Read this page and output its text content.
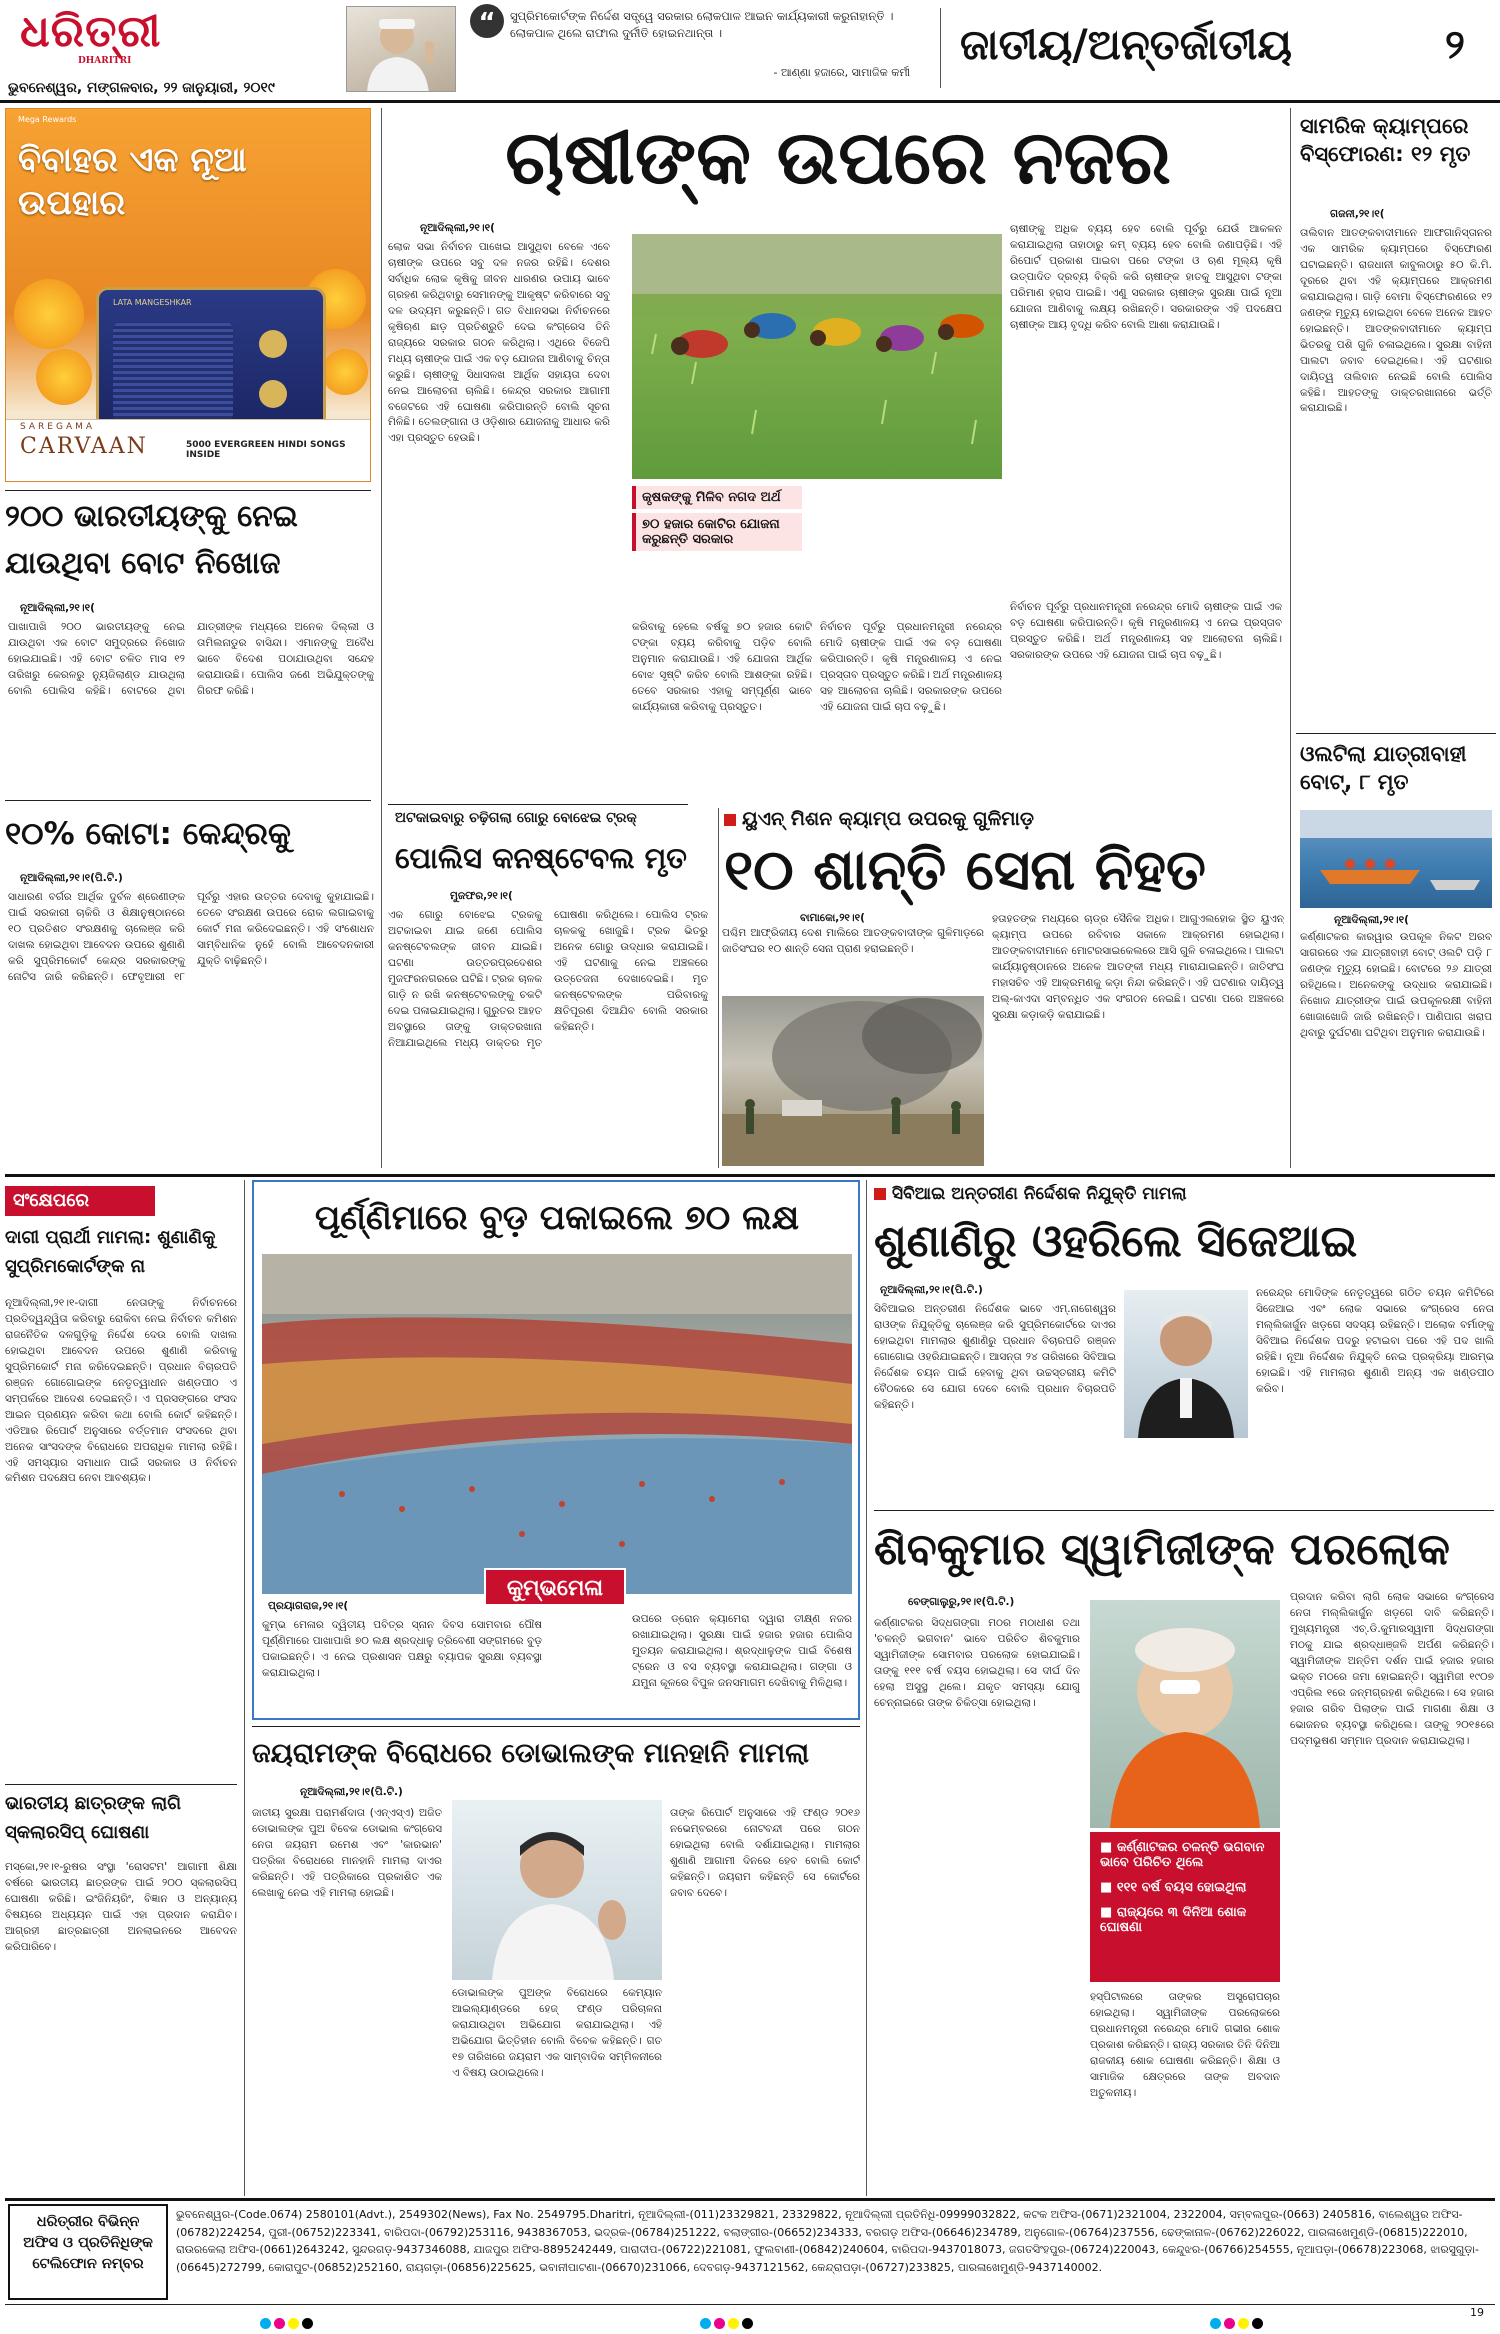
ଧରିତ୍ରୀ
DHARITRI
ଭୁବନେଶ୍ୱର, ମଙ୍ଗଳବାର, ୨୨ ଜାନୁୟାରୀ, ୨୦୧୯
“	ସୁପ୍ରିମକୋର୍ଟଙ୍କ ନିର୍ଦ୍ଦେଶ ସତ୍ତ୍ୱେ ସରକାର ଲୋକପାଳ ଆଇନ କାର୍ଯ୍ୟକାରୀ କରୁନାହାନ୍ତି । ଲୋକପାଳ ଥିଲେ ରାଫାଲ ଦୁର୍ନୀତି ହୋଇନଥାନ୍ତା ।
- ଆଣ୍ଣା ହଜାରେ, ସାମାଜିକ କର୍ମୀ
ଜାତୀୟ/ଅନ୍ତର୍ଜାତୀୟ	୨
Mega Rewards
ବିବାହର ଏକ ନୂଆ ଉପହାର
LATA MANGESHKAR
SAREGAMA
CARVAAN	5000 EVERGREEN HINDI SONGS INSIDE
ଚାଷୀଙ୍କ ଉପରେ ନଜର
ନୂଆଦିଲ୍ଲୀ,୨୧।୧(
ଲୋକ ସଭା ନିର୍ବାଚନ ପାଖେଇ ଆସୁଥିବା ବେଳେ ଏବେ ଚାଷୀଙ୍କ ଉପରେ ସବୁ ଦଳ ନଜର ରହିଛି। ଦେଶର ସର୍ବାଧିକ ଲୋକ କୃଷିକୁ ଜୀବନ ଧାରଣର ଉପାୟ ଭାବେ ଗ୍ରହଣ କରିଥିବାରୁ ସେମାନଙ୍କୁ ଆକୃଷ୍ଟ କରିବାରେ ସବୁ ଦଳ ଉଦ୍ୟମ କରୁଛନ୍ତି। ଗତ ବିଧାନସଭା ନିର୍ବାଚନରେ କୃଷିଋଣ ଛାଡ଼ ପ୍ରତିଶ୍ରୁତି ଦେଇ କଂଗ୍ରେସ ତିନି ରାଜ୍ୟରେ ସରକାର ଗଠନ କରିଥିଲା। ଏଥିରେ ବିଜେପି ମଧ୍ୟ ଚାଷୀଙ୍କ ପାଇଁ ଏକ ବଡ଼ ଯୋଜନା ଆଣିବାକୁ ଚିନ୍ତା କରୁଛି। ଚାଷୀଙ୍କୁ ସିଧାସଳଖ ଆର୍ଥିକ ସହାୟତା ଦେବା ନେଇ ଆଲୋଚନା ଚାଲିଛି। କେନ୍ଦ୍ର ସରକାର ଆଗାମୀ ବଜେଟରେ ଏହି ଘୋଷଣା କରିପାରନ୍ତି ବୋଲି ସୂଚନା ମିଳିଛି। ତେଲଙ୍ଗାନା ଓ ଓଡ଼ିଶାର ଯୋଜନାକୁ ଆଧାର କରି ଏହା ପ୍ରସ୍ତୁତ ହେଉଛି।
କୃଷକଙ୍କୁ ମିଳିବ ନଗଦ ଅର୍ଥ
୭୦ ହଜାର କୋଟିର ଯୋଜନା କରୁଛନ୍ତି ସରକାର
ଚାଷୀଙ୍କୁ ଅଧିକ ବ୍ୟୟ ହେବ ବୋଲି ପୂର୍ବରୁ ଯେଉଁ ଆକଳନ କରାଯାଇଥିଲା ତାହାଠାରୁ କମ୍ ବ୍ୟୟ ହେବ ବୋଲି ଜଣାପଡ଼ିଛି। ଏହି ରିପୋର୍ଟ ପ୍ରକାଶ ପାଇବା ପରେ ଟଙ୍କା ଓ ଋଣ ମୂଲ୍ୟ କୃଷି ଉତ୍ପାଦିତ ଦ୍ରବ୍ୟ ବିକ୍ରି କରି ଚାଷୀଙ୍କ ହାତକୁ ଆସୁଥିବା ଟଙ୍କା ପରିମାଣ ହ୍ରାସ ପାଇଛି। ଏଣୁ ସରକାର ଚାଷୀଙ୍କ ସୁରକ୍ଷା ପାଇଁ ନୂଆ ଯୋଜନା ଆଣିବାକୁ ଲକ୍ଷ୍ୟ ରଖିଛନ୍ତି। ସରକାରଙ୍କ ଏହି ପଦକ୍ଷେପ ଚାଷୀଙ୍କ ଆୟ ବୃଦ୍ଧି କରିବ ବୋଲି ଆଶା କରାଯାଉଛି।
କରିବାକୁ ହେଲେ ବର୍ଷକୁ ୭୦ ହଜାର କୋଟି ଟଙ୍କା ବ୍ୟୟ କରିବାକୁ ପଡ଼ିବ ବୋଲି ଅନୁମାନ କରାଯାଉଛି। ଏହି ଯୋଜନା ଆର୍ଥିକ ବୋଝ ସୃଷ୍ଟି କରିବ ବୋଲି ଆଶଙ୍କା ରହିଛି। ତେବେ ସରକାର ଏହାକୁ ସମ୍ପୂର୍ଣ୍ଣ ଭାବେ କାର୍ଯ୍ୟକାରୀ କରିବାକୁ ପ୍ରସ୍ତୁତ।
ନିର୍ବାଚନ ପୂର୍ବରୁ ପ୍ରଧାନମନ୍ତ୍ରୀ ନରେନ୍ଦ୍ର ମୋଦି ଚାଷୀଙ୍କ ପାଇଁ ଏକ ବଡ଼ ଘୋଷଣା କରିପାରନ୍ତି। କୃଷି ମନ୍ତ୍ରଣାଳୟ ଏ ନେଇ ପ୍ରସ୍ତାବ ପ୍ରସ୍ତୁତ କରିଛି। ଅର୍ଥ ମନ୍ତ୍ରଣାଳୟ ସହ ଆଲୋଚନା ଚାଲିଛି। ସରକାରଙ୍କ ଉପରେ ଏହି ଯୋଜନା ପାଇଁ ଚାପ ବଢ଼ୁଛି।
ନିର୍ବାଚନ ପୂର୍ବରୁ ପ୍ରଧାନମନ୍ତ୍ରୀ ନରେନ୍ଦ୍ର ମୋଦି ଚାଷୀଙ୍କ ପାଇଁ ଏକ ବଡ଼ ଘୋଷଣା କରିପାରନ୍ତି। କୃଷି ମନ୍ତ୍ରଣାଳୟ ଏ ନେଇ ପ୍ରସ୍ତାବ ପ୍ରସ୍ତୁତ କରିଛି। ଅର୍ଥ ମନ୍ତ୍ରଣାଳୟ ସହ ଆଲୋଚନା ଚାଲିଛି। ସରକାରଙ୍କ ଉପରେ ଏହି ଯୋଜନା ପାଇଁ ଚାପ ବଢ଼ୁଛି।
ସାମରିକ କ୍ୟାମ୍ପରେ ବିସ୍ଫୋରଣ: ୧୨ ମୃତ
ଗଜନୀ,୨୧।୧(
ତାଲିବାନ ଆତଙ୍କବାଦୀମାନେ ଆଫଗାନିସ୍ତାନର ଏକ ସାମରିକ କ୍ୟାମ୍ପରେ ବିସ୍ଫୋରଣ ଘଟାଇଛନ୍ତି। ରାଜଧାନୀ କାବୁଲଠାରୁ ୫୦ କି.ମି. ଦୂରରେ ଥିବା ଏହି କ୍ୟାମ୍ପରେ ଆକ୍ରମଣ କରାଯାଇଥିଲା। ଗାଡ଼ି ବୋମା ବିସ୍ଫୋରଣରେ ୧୨ ଜଣଙ୍କ ମୃତ୍ୟୁ ହୋଇଥିବା ବେଳେ ଅନେକ ଆହତ ହୋଇଛନ୍ତି। ଆତଙ୍କବାଦୀମାନେ କ୍ୟାମ୍ପ ଭିତରକୁ ପଶି ଗୁଳି ଚଳାଇଥିଲେ। ସୁରକ୍ଷା ବାହିନୀ ପାଲଟା ଜବାବ ଦେଇଥିଲେ। ଏହି ଘଟଣାର ଦାୟିତ୍ୱ ତାଲିବାନ ନେଇଛି ବୋଲି ପୋଲିସ କହିଛି। ଆହତଙ୍କୁ ଡାକ୍ତରଖାନାରେ ଭର୍ତ୍ତି କରାଯାଇଛି।
ଓଲଟିଲା ଯାତ୍ରୀବାହୀ ବୋଟ୍, ୮ ମୃତ
ନୂଆଦିଲ୍ଲୀ,୨୧।୧(
କର୍ଣ୍ଣାଟକର କାରୱାର ଉପକୂଳ ନିକଟ ଅରବ ସାଗରରେ ଏକ ଯାତ୍ରୀବାହୀ ବୋଟ୍ ଓଲଟି ପଡ଼ି ୮ ଜଣଙ୍କ ମୃତ୍ୟୁ ହୋଇଛି। ବୋଟରେ ୨୬ ଯାତ୍ରୀ ରହିଥିଲେ। ଅନେକଙ୍କୁ ଉଦ୍ଧାର କରାଯାଇଛି। ନିଖୋଜ ଯାତ୍ରୀଙ୍କ ପାଇଁ ଉପକୂଳରକ୍ଷୀ ବାହିନୀ ଖୋଜାଖୋଜି ଜାରି ରଖିଛନ୍ତି। ପାଣିପାଗ ଖରାପ ଥିବାରୁ ଦୁର୍ଘଟଣା ଘଟିଥିବା ଅନୁମାନ କରାଯାଉଛି।
୨୦୦ ଭାରତୀୟଙ୍କୁ ନେଇ ଯାଉଥିବା ବୋଟ ନିଖୋଜ
ନୂଆଦିଲ୍ଲୀ,୨୧।୧(
ପାଖାପାଖି ୨୦୦ ଭାରତୀୟଙ୍କୁ ନେଇ ଯାଉଥିବା ଏକ ବୋଟ ସମୁଦ୍ରରେ ନିଖୋଜ ହୋଇଯାଇଛି। ଏହି ବୋଟ ଚଳିତ ମାସ ୧୨ ତାରିଖରୁ କେରଳରୁ ନ୍ୟୁଜିଲାଣ୍ଡ ଯାଉଥିଲା ବୋଲି ପୋଲିସ କହିଛି। ବୋଟରେ ଥିବା ଯାତ୍ରୀଙ୍କ ମଧ୍ୟରେ ଅନେକ ଦିଲ୍ଲୀ ଓ ତାମିଲନାଡୁର ବାସିନ୍ଦା। ଏମାନଙ୍କୁ ଅବୈଧ ଭାବେ ବିଦେଶ ପଠାଯାଉଥିବା ସନ୍ଦେହ କରାଯାଉଛି। ପୋଲିସ ଜଣେ ଅଭିଯୁକ୍ତଙ୍କୁ ଗିରଫ କରିଛି।
୧୦% କୋଟା: କେନ୍ଦ୍ରକୁ
ନୂଆଦିଲ୍ଲୀ,୨୧।୧(ପି.ଟି.)
ସାଧାରଣ ବର୍ଗର ଆର୍ଥିକ ଦୁର୍ବଳ ଶ୍ରେଣୀଙ୍କ ପାଇଁ ସରକାରୀ ଚାକିରି ଓ ଶିକ୍ଷାନୁଷ୍ଠାନରେ ୧୦ ପ୍ରତିଶତ ସଂରକ୍ଷଣକୁ ଚାଲେଞ୍ଜ କରି ଦାଖଲ ହୋଇଥିବା ଆବେଦନ ଉପରେ ଶୁଣାଣି କରି ସୁପ୍ରିମକୋର୍ଟ କେନ୍ଦ୍ର ସରକାରଙ୍କୁ ନୋଟିସ ଜାରି କରିଛନ୍ତି। ଫେବୃଆରୀ ୧୮ ପୂର୍ବରୁ ଏହାର ଉତ୍ତର ଦେବାକୁ କୁହାଯାଇଛି। ତେବେ ସଂରକ୍ଷଣ ଉପରେ ରୋକ ଲଗାଇବାକୁ କୋର୍ଟ ମନା କରିଦେଇଛନ୍ତି। ଏହି ସଂଶୋଧନ ସାମ୍ବିଧାନିକ ନୁହେଁ ବୋଲି ଆବେଦନକାରୀ ଯୁକ୍ତି ବାଢ଼ିଛନ୍ତି।
ଅଟକାଇବାରୁ ଚଢ଼ିଗଲା ଗୋରୁ ବୋଝେଇ ଟ୍ରକ୍
ପୋଲିସ କନଷ୍ଟେବଲ ମୃତ
ମୁଜଫର,୨୧।୧(
ଏକ ଗୋରୁ ବୋଝେଇ ଟ୍ରକକୁ ଅଟକାଇବା ଯାଇ ଜଣେ ପୋଲିସ କନଷ୍ଟେବଲଙ୍କ ଜୀବନ ଯାଇଛି। ଘଟଣା ଉତ୍ତରପ୍ରଦେଶର ମୁଜଫରନଗରରେ ଘଟିଛି। ଟ୍ରକ ଚାଳକ ଗାଡ଼ି ନ ରଖି କନଷ୍ଟେବଲଙ୍କୁ ଚକଟି ଦେଇ ପଳାଇଯାଇଥିଲା। ଗୁରୁତର ଆହତ ଅବସ୍ଥାରେ ତାଙ୍କୁ ଡାକ୍ତରଖାନା ନିଆଯାଇଥିଲେ ମଧ୍ୟ ଡାକ୍ତର ମୃତ ଘୋଷଣା କରିଥିଲେ। ପୋଲିସ ଟ୍ରକ ଚାଳକକୁ ଖୋଜୁଛି। ଟ୍ରକ ଭିତରୁ ଅନେକ ଗୋରୁ ଉଦ୍ଧାର କରାଯାଇଛି। ଏହି ଘଟଣାକୁ ନେଇ ଅଞ୍ଚଳରେ ଉତ୍ତେଜନା ଦେଖାଦେଇଛି। ମୃତ କନଷ୍ଟେବଲଙ୍କ ପରିବାରକୁ କ୍ଷତିପୂରଣ ଦିଆଯିବ ବୋଲି ସରକାର କହିଛନ୍ତି।
ୟୁଏନ୍ ମିଶନ କ୍ୟାମ୍ପ ଉପରକୁ ଗୁଳିମାଡ଼
୧୦ ଶାନ୍ତି ସେନା ନିହତ
ବାମାକୋ,୨୧।୧(
ପଶ୍ଚିମ ଆଫ୍ରିକୀୟ ଦେଶ ମାଲିରେ ଆତଙ୍କବାଦୀଙ୍କ ଗୁଳିମାଡ଼ରେ ଜାତିସଂଘର ୧୦ ଶାନ୍ତି ସେନା ପ୍ରାଣ ହରାଇଛନ୍ତି।
ହତାହତଙ୍କ ମଧ୍ୟରେ ଚାଡ୍‌ର ସୈନିକ ଅଧିକ। ଆଗୁଏଲହୋକ ସ୍ଥିତ ୟୁଏନ୍ କ୍ୟାମ୍ପ ଉପରେ ରବିବାର ସକାଳେ ଆକ୍ରମଣ ହୋଇଥିଲା। ଆତଙ୍କବାଦୀମାନେ ମୋଟରସାଇକେଲରେ ଆସି ଗୁଳି ଚଳାଇଥିଲେ। ପାଲଟା କାର୍ଯ୍ୟାନୁଷ୍ଠାନରେ ଅନେକ ଆତଙ୍କୀ ମଧ୍ୟ ମାରାଯାଇଛନ୍ତି। ଜାତିସଂଘ ମହାସଚିବ ଏହି ଆକ୍ରମଣକୁ କଡ଼ା ନିନ୍ଦା କରିଛନ୍ତି। ଏହି ଘଟଣାର ଦାୟିତ୍ୱ ଅଲ୍‌-କାଏଦା ସମ୍ବନ୍ଧିତ ଏକ ସଂଗଠନ ନେଇଛି। ଘଟଣା ପରେ ଅଞ୍ଚଳରେ ସୁରକ୍ଷା କଡ଼ାକଡ଼ି କରାଯାଇଛି।
ସଂକ୍ଷେପରେ
ଦାଗୀ ପ୍ରାର୍ଥୀ ମାମଲା: ଶୁଣାଣିକୁ ସୁପ୍ରିମକୋର୍ଟଙ୍କ ନା
ନୂଆଦିଲ୍ଲୀ,୨୧।୧-ଦାଗୀ ନେତାଙ୍କୁ ନିର୍ବାଚନରେ ପ୍ରତିଦ୍ୱନ୍ଦ୍ୱିତା କରିବାରୁ ରୋକିବା ନେଇ ନିର୍ବାଚନ କମିଶନ ରାଜନୈତିକ ଦଳଗୁଡ଼ିକୁ ନିର୍ଦ୍ଦେଶ ଦେଉ ବୋଲି ଦାଖଲ ହୋଇଥିବା ଆବେଦନ ଉପରେ ଶୁଣାଣି କରିବାକୁ ସୁପ୍ରିମକୋର୍ଟ ମନା କରିଦେଇଛନ୍ତି। ପ୍ରଧାନ ବିଚାରପତି ରଞ୍ଜନ ଗୋଗୋଇଙ୍କ ନେତୃତ୍ୱାଧୀନ ଖଣ୍ଡପୀଠ ଏ ସମ୍ପର୍କରେ ଆଦେଶ ଦେଇଛନ୍ତି। ଏ ପ୍ରସଙ୍ଗରେ ସଂସଦ ଆଇନ ପ୍ରଣୟନ କରିବା କଥା ବୋଲି କୋର୍ଟ କହିଛନ୍ତି। ଏଡିଆର ରିପୋର୍ଟ ଅନୁସାରେ ବର୍ତ୍ତମାନ ସଂସଦରେ ଥିବା ଅନେକ ସାଂସଦଙ୍କ ବିରୋଧରେ ଅପରାଧିକ ମାମଲା ରହିଛି। ଏହି ସମସ୍ୟାର ସମାଧାନ ପାଇଁ ସରକାର ଓ ନିର୍ବାଚନ କମିଶନ ପଦକ୍ଷେପ ନେବା ଆବଶ୍ୟକ।
ଭାରତୀୟ ଛାତ୍ରଙ୍କ ଲାଗି ସ୍କଲାରସିପ୍ ଘୋଷଣା
ମସ୍କୋ,୨୧।୧-ରୁଷର ସଂସ୍ଥା 'ରୋସଟମ' ଆଗାମୀ ଶିକ୍ଷା ବର୍ଷରେ ଭାରତୀୟ ଛାତ୍ରଙ୍କ ପାଇଁ ୨୦୦ ସ୍କଲାରସିପ୍ ଘୋଷଣା କରିଛି। ଇଂଜିନିୟରିଂ, ବିଜ୍ଞାନ ଓ ଅନ୍ୟାନ୍ୟ ବିଷୟରେ ଅଧ୍ୟୟନ ପାଇଁ ଏହା ପ୍ରଦାନ କରାଯିବ। ଆଗ୍ରହୀ ଛାତ୍ରଛାତ୍ରୀ ଅନଲାଇନରେ ଆବେଦନ କରିପାରିବେ।
ପୂର୍ଣ୍ଣିମାରେ ବୁଡ଼ ପକାଇଲେ ୭୦ ଲକ୍ଷ
କୁମ୍ଭମେଳା
ପ୍ରୟାଗରାଜ,୨୧।୧(
କୁମ୍ଭ ମେଳାର ଦ୍ୱିତୀୟ ପବିତ୍ର ସ୍ନାନ ଦିବସ ସୋମବାର ପୌଷ ପୂର୍ଣ୍ଣିମାରେ ପାଖାପାଖି ୭୦ ଲକ୍ଷ ଶ୍ରଦ୍ଧାଳୁ ତ୍ରିବେଣୀ ସଙ୍ଗମରେ ବୁଡ଼ ପକାଇଛନ୍ତି। ଏ ନେଇ ପ୍ରଶାସନ ପକ୍ଷରୁ ବ୍ୟାପକ ସୁରକ୍ଷା ବ୍ୟବସ୍ଥା କରାଯାଇଥିଲା।
ଉପରେ ଡ୍ରୋନ କ୍ୟାମେରା ଦ୍ୱାରା ତୀକ୍ଷ୍ଣ ନଜର ରଖାଯାଇଥିଲା। ସୁରକ୍ଷା ପାଇଁ ହଜାର ହଜାର ପୋଲିସ ମୁତୟନ କରାଯାଇଥିଲା। ଶ୍ରଦ୍ଧାଳୁଙ୍କ ପାଇଁ ବିଶେଷ ଟ୍ରେନ ଓ ବସ ବ୍ୟବସ୍ଥା କରାଯାଇଥିଲା। ଗଙ୍ଗା ଓ ଯମୁନା କୂଳରେ ବିପୁଳ ଜନସମାଗମ ଦେଖିବାକୁ ମିଳିଥିଲା।
ଜୟରାମଙ୍କ ବିରୋଧରେ ଡୋଭାଲଙ୍କ ମାନହାନି ମାମଲା
ନୂଆଦିଲ୍ଲୀ,୨୧।୧(ପି.ଟି.)
ଜାତୀୟ ସୁରକ୍ଷା ପରାମର୍ଶଦାତା (ଏନ୍‌ଏସ୍‌ଏ) ଅଜିତ ଡୋଭାଲଙ୍କ ପୁଅ ବିବେକ ଡୋଭାଲ କଂଗ୍ରେସ ନେତା ଜୟରାମ ରମେଶ ଏବଂ 'କାରଭାନ' ପତ୍ରିକା ବିରୋଧରେ ମାନହାନି ମାମଲା ଦାଏର କରିଛନ୍ତି। ଏହି ପତ୍ରିକାରେ ପ୍ରକାଶିତ ଏକ ଲେଖାକୁ ନେଇ ଏହି ମାମଲା ହୋଇଛି।
ଡୋଭାଲଙ୍କ ପୁଅଙ୍କ ବିରୋଧରେ କେମ୍ୟାନ ଆଇଲ୍ୟାଣ୍ଡରେ ହେଜ୍ ଫଣ୍ଡ ପରିଚାଳନା କରାଯାଉଥିବା ଅଭିଯୋଗ କରାଯାଇଥିଲା। ଏହି ଅଭିଯୋଗ ଭିତ୍ତିହୀନ ବୋଲି ବିବେକ କହିଛନ୍ତି। ଗତ ୧୭ ତାରିଖରେ ଜୟରାମ ଏକ ସାମ୍ବାଦିକ ସମ୍ମିଳନୀରେ ଏ ବିଷୟ ଉଠାଇଥିଲେ।
ତାଙ୍କ ରିପୋର୍ଟ ଅନୁସାରେ ଏହି ଫଣ୍ଡ ୨୦୧୬ ନଭେମ୍ବରରେ ନୋଟବନ୍ଦୀ ପରେ ଗଠନ ହୋଇଥିଲା ବୋଲି ଦର୍ଶାଯାଇଥିଲା। ମାମଲାର ଶୁଣାଣି ଆଗାମୀ ଦିନରେ ହେବ ବୋଲି କୋର୍ଟ କହିଛନ୍ତି। ଜୟରାମ କହିଛନ୍ତି ସେ କୋର୍ଟରେ ଜବାବ ଦେବେ।
ସିବିଆଇ ଅନ୍ତରୀଣ ନିର୍ଦ୍ଦେଶକ ନିଯୁକ୍ତି ମାମଲା
ଶୁଣାଣିରୁ ଓହରିଲେ ସିଜେଆଇ
ନୂଆଦିଲ୍ଲୀ,୨୧।୧(ପି.ଟି.)
ସିବିଆଇର ଅନ୍ତରୀଣ ନିର୍ଦ୍ଦେଶକ ଭାବେ ଏମ୍‌.ନାଗେଶ୍ୱର ରାଓଙ୍କ ନିଯୁକ୍ତିକୁ ଚାଲେଞ୍ଜ କରି ସୁପ୍ରିମକୋର୍ଟରେ ଦାଏର ହୋଇଥିବା ମାମଲାର ଶୁଣାଣିରୁ ପ୍ରଧାନ ବିଚାରପତି ରଞ୍ଜନ ଗୋଗୋଇ ଓହରିଯାଇଛନ୍ତି। ଆସନ୍ତା ୨୪ ତାରିଖରେ ସିବିଆଇ ନିର୍ଦ୍ଦେଶକ ଚୟନ ପାଇଁ ହେବାକୁ ଥିବା ଉଚ୍ଚସ୍ତରୀୟ କମିଟି ବୈଠକରେ ସେ ଯୋଗ ଦେବେ ବୋଲି ପ୍ରଧାନ ବିଚାରପତି କହିଛନ୍ତି।
ନରେନ୍ଦ୍ର ମୋଦିଙ୍କ ନେତୃତ୍ୱରେ ଗଠିତ ଚୟନ କମିଟିରେ ସିଜେଆଇ ଏବଂ ଲୋକ ସଭାରେ କଂଗ୍ରେସ ନେତା ମଲ୍ଲିକାର୍ଜୁନ ଖଡ଼ଗେ ସଦସ୍ୟ ରହିଛନ୍ତି। ଅଲୋକ ବର୍ମାଙ୍କୁ ସିବିଆଇ ନିର୍ଦ୍ଦେଶକ ପଦରୁ ହଟାଇବା ପରେ ଏହି ପଦ ଖାଲି ରହିଛି। ନୂଆ ନିର୍ଦ୍ଦେଶକ ନିଯୁକ୍ତି ନେଇ ପ୍ରକ୍ରିୟା ଆରମ୍ଭ ହୋଇଛି। ଏହି ମାମଲାର ଶୁଣାଣି ଅନ୍ୟ ଏକ ଖଣ୍ଡପୀଠ କରିବ।
ଶିବକୁମାର ସ୍ୱାମିଜୀଙ୍କ ପରଲୋକ
ବେଙ୍ଗାଲୁରୁ,୨୧।୧(ପି.ଟି.)
କର୍ଣ୍ଣାଟକର ସିଦ୍ଧଗଙ୍ଗା ମଠର ମଠାଧୀଶ ତଥା 'ଚଳନ୍ତି ଭଗବାନ' ଭାବେ ପରିଚିତ ଶିବକୁମାର ସ୍ୱାମିଜୀଙ୍କ ସୋମବାର ପରଲୋକ ହୋଇଯାଇଛି। ତାଙ୍କୁ ୧୧୧ ବର୍ଷ ବୟସ ହୋଇଥିଲା। ସେ ଦୀର୍ଘ ଦିନ ହେଲା ଅସୁସ୍ଥ ଥିଲେ। ଯକୃତ ସମସ୍ୟା ଯୋଗୁ ଚେନ୍ନାଇରେ ତାଙ୍କ ଚିକିତ୍ସା ହୋଇଥିଲା।
■ କର୍ଣ୍ଣାଟକର ଚଳନ୍ତି ଭଗବାନ ଭାବେ ପରିଚିତ ଥିଲେ
■ ୧୧୧ ବର୍ଷ ବୟସ ହୋଇଥିଲା
■ ରାଜ୍ୟରେ ୩ ଦିନିଆ ଶୋକ ଘୋଷଣା
ହସ୍ପିଟାଲରେ ତାଙ୍କର ଅସ୍ତ୍ରୋପଚାର ହୋଇଥିଲା। ସ୍ୱାମିଜୀଙ୍କ ପରଲୋକରେ ପ୍ରଧାନମନ୍ତ୍ରୀ ନରେନ୍ଦ୍ର ମୋଦି ଗଭୀର ଶୋକ ପ୍ରକାଶ କରିଛନ୍ତି। ରାଜ୍ୟ ସରକାର ତିନି ଦିନିଆ ରାଜକୀୟ ଶୋକ ଘୋଷଣା କରିଛନ୍ତି। ଶିକ୍ଷା ଓ ସାମାଜିକ କ୍ଷେତ୍ରରେ ତାଙ୍କ ଅବଦାନ ଅତୁଳନୀୟ।
ପ୍ରଦାନ କରିବା ଲାଗି ଲୋକ ସଭାରେ କଂଗ୍ରେସ ନେତା ମଲ୍ଲିକାର୍ଜୁନ ଖଡ଼ଗେ ଦାବି କରିଛନ୍ତି। ମୁଖ୍ୟମନ୍ତ୍ରୀ ଏଚ୍‌.ଡି.କୁମାରସ୍ୱାମୀ ସିଦ୍ଧଗଙ୍ଗା ମଠକୁ ଯାଇ ଶ୍ରଦ୍ଧାଞ୍ଜଳି ଅର୍ପଣ କରିଛନ୍ତି। ସ୍ୱାମିଜୀଙ୍କ ଅନ୍ତିମ ଦର୍ଶନ ପାଇଁ ହଜାର ହଜାର ଭକ୍ତ ମଠରେ ଜମା ହୋଇଛନ୍ତି। ସ୍ୱାମିଜୀ ୧୯୦୭ ଏପ୍ରିଲ ୧ରେ ଜନ୍ମଗ୍ରହଣ କରିଥିଲେ। ସେ ହଜାର ହଜାର ଗରିବ ପିଲାଙ୍କ ପାଇଁ ମାଗଣା ଶିକ୍ଷା ଓ ଭୋଜନର ବ୍ୟବସ୍ଥା କରିଥିଲେ। ତାଙ୍କୁ ୨୦୧୫ରେ ପଦ୍ମଭୂଷଣ ସମ୍ମାନ ପ୍ରଦାନ କରାଯାଇଥିଲା।
ଧରିତ୍ରୀର ବିଭିନ୍ନ ଅଫିସ ଓ ପ୍ରତିନିଧିଙ୍କ ଟେଲିଫୋନ ନମ୍ବର
ଭୁବନେଶ୍ୱର-(Code.0674) 2580101(Advt.), 2549302(News), Fax No. 2549795.Dharitri, ନୂଆଦିଲ୍ଲୀ-(011)23329821, 23329822, ନୂଆଦିଲ୍ଲୀ ପ୍ରତିନିଧି-09999032822, କଟକ ଅଫିସ-(0671)2321004, 2322004, ସମ୍ବଲପୁର-(0663) 2405816, ବାଲେଶ୍ୱର ଅଫିସ-(06782)224254, ପୁରୀ-(06752)223341, ବାରିପଦା-(06792)253116, 9438367053, ଭଦ୍ରକ-(06784)251222, ବଲାଙ୍ଗୀର-(06652)234333, ବରଗଡ଼ ଅଫିସ-(06646)234789, ଅନୁଗୋଳ-(06764)237556, ଢେଙ୍କାନାଳ-(06762)226022, ପାରଳାଖେମୁଣ୍ଡି-(06815)222010, ରାଉରକେଲା ଅଫିସ-(0661)2643242, ସୁନ୍ଦରଗଡ଼-9437346088, ଯାଜପୁର ଅଫିସ-8895242449, ପାରାଦୀପ-(06722)221081, ଫୁଲବାଣୀ-(06842)240604, ବାରିପଦା-9437018073, ଜଗତସିଂହପୁର-(06724)220043, କେନ୍ଦୁଝର-(06766)254555, ନୂଆପଡ଼ା-(06678)223068, ଝାରସୁଗୁଡ଼ା-(06645)272799, କୋରାପୁଟ-(06852)252160, ରାୟଗଡ଼ା-(06856)225625, ଭବାନୀପାଟଣା-(06670)231066, ଦେବଗଡ଼-9437121562, କେନ୍ଦ୍ରାପଡ଼ା-(06727)233825, ପାରଳାଖେମୁଣ୍ଡି-9437140002.
19
